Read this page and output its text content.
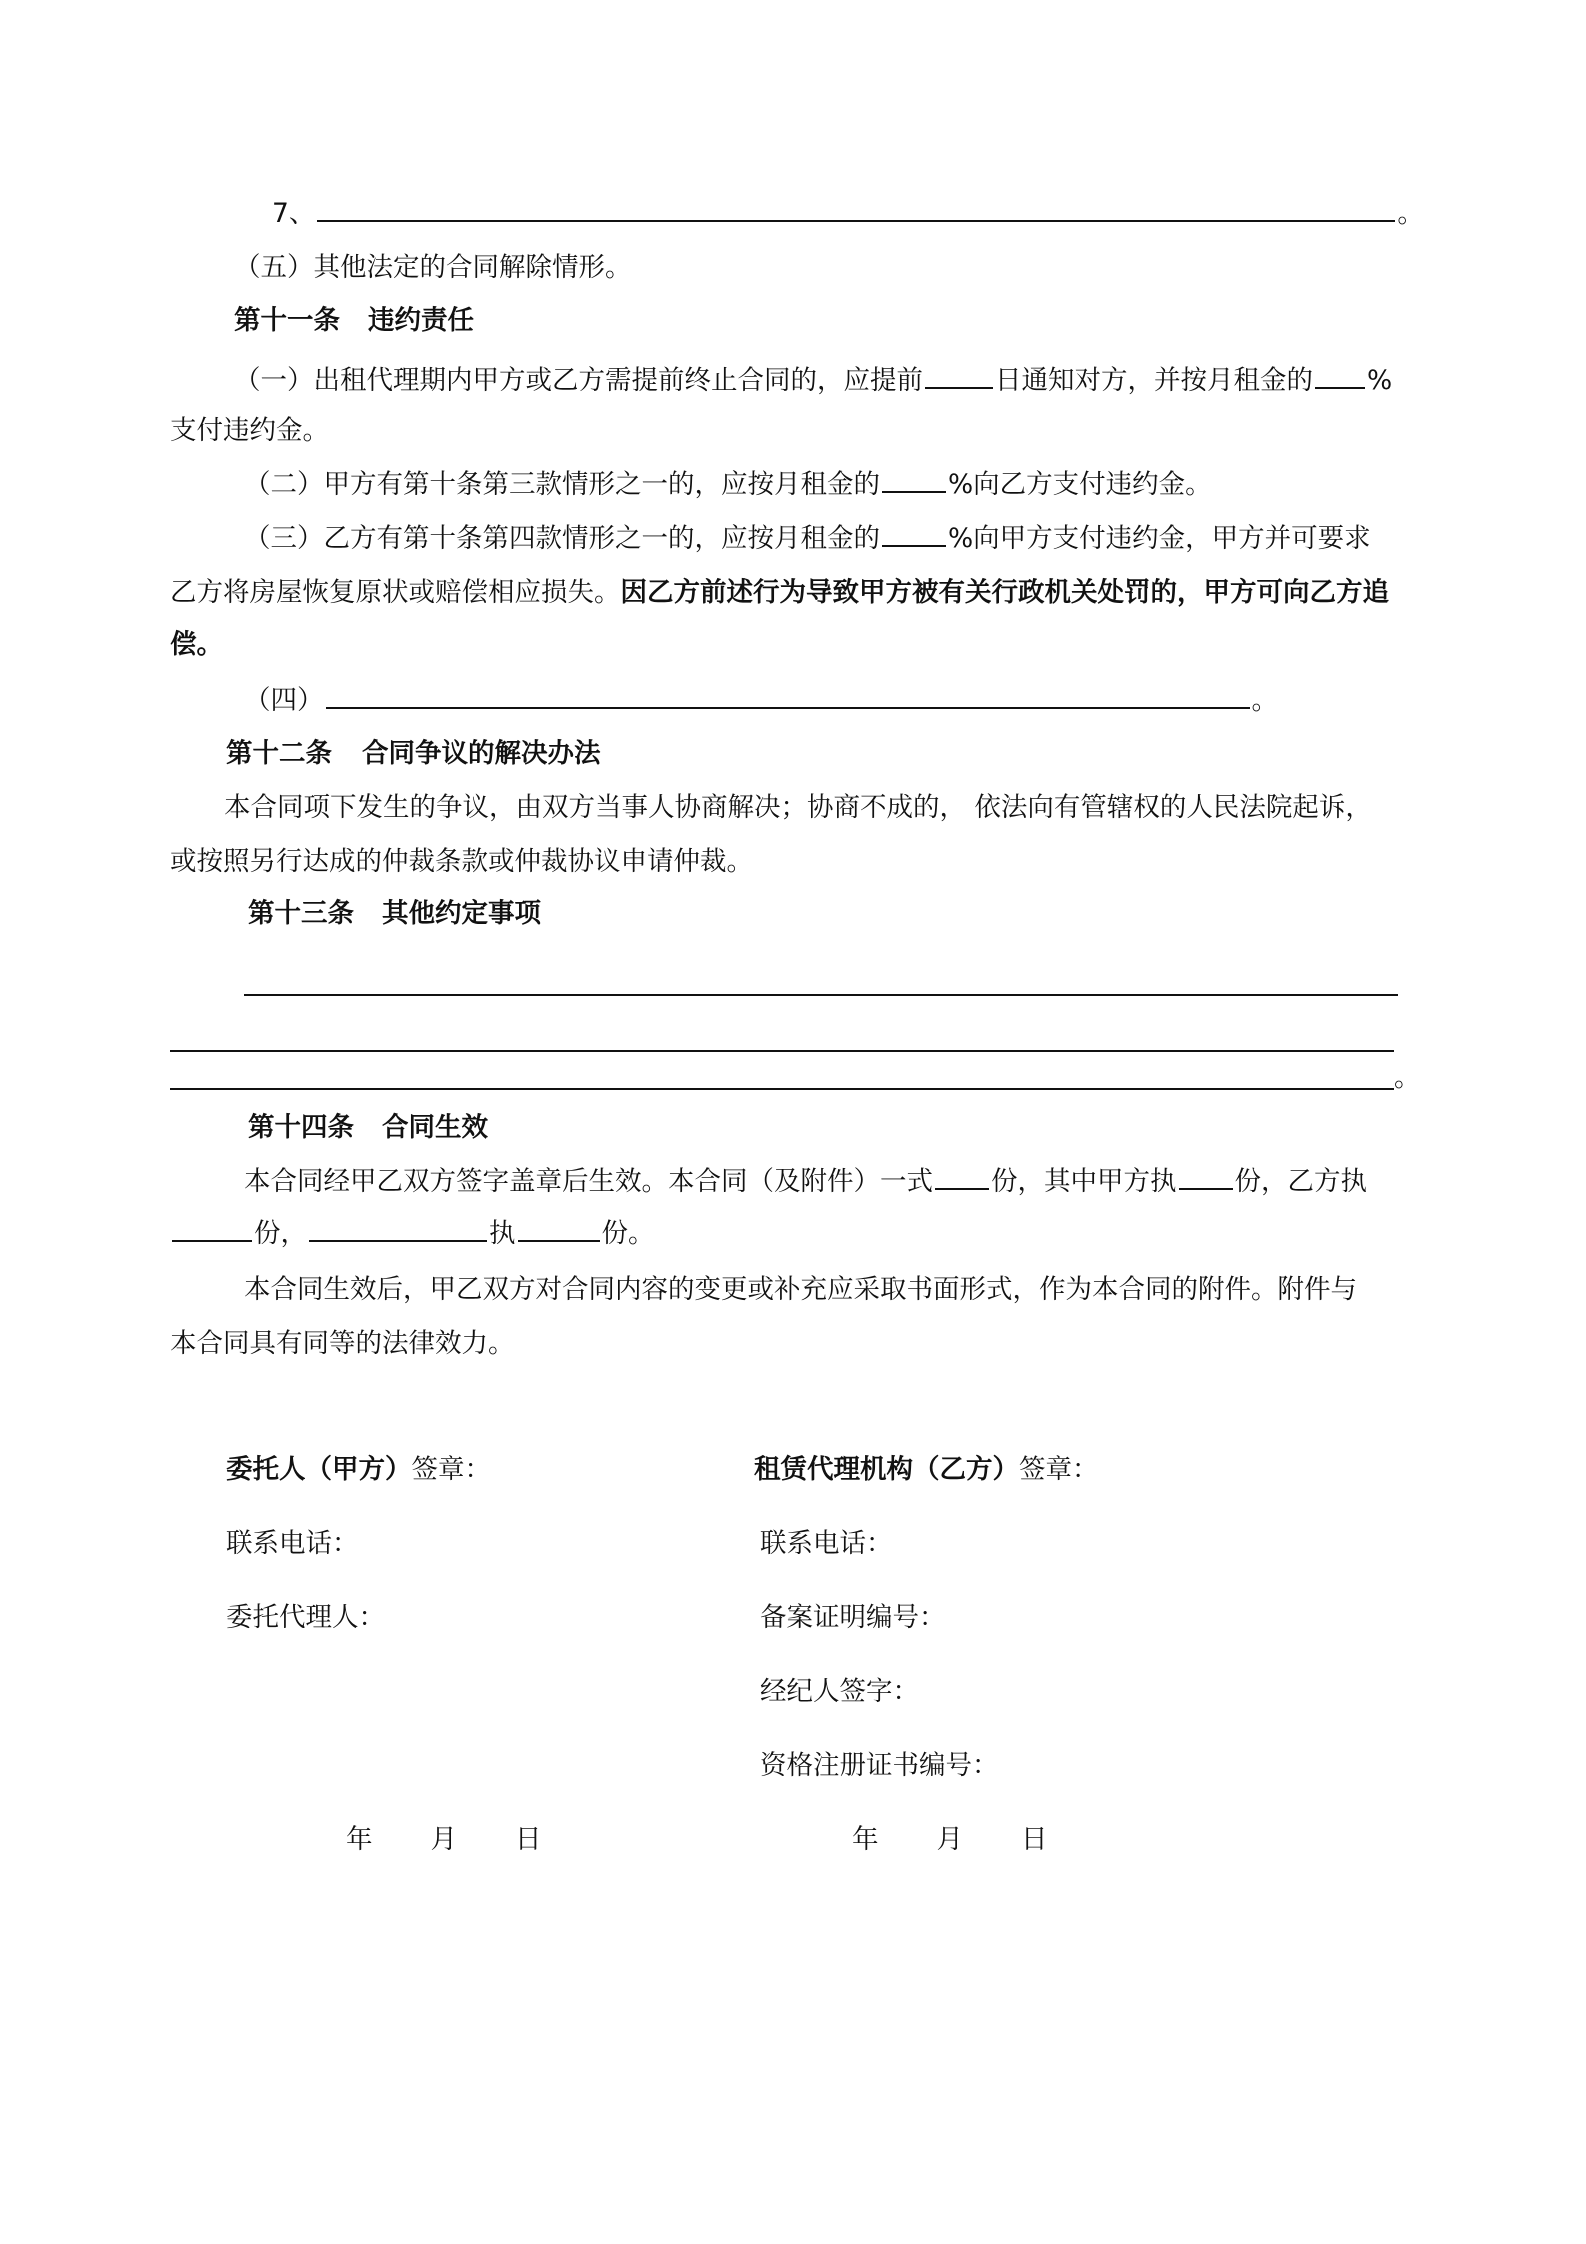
7、	。

（五）其他法定的合同解除情形。

第十一条 违约责任

（一）出租代理期内甲方或乙方需提前终止合同的，应提前	日通知对方，并按月租金的 %

支付违约金。

（二）甲方有第十条第三款情形之一的，应按月租金的	%向乙方支付违约金。

（三）乙方有第十条第四款情形之一的，应按月租金的	%向甲方支付违约金，甲方并可要求

乙方将房屋恢复原状或赔偿相应损失。因乙方前述行为导致甲方被有关行政机关处罚的，甲方可向乙方追

偿。

（四）	。

第十二条 合同争议的解决办法

本合同项下发生的争议，由双方当事人协商解决；协商不成的， 依法向有管辖权的人民法院起诉，

或按照另行达成的仲裁条款或仲裁协议申请仲裁。

第十三条 其他约定事项

。

第十四条 合同生效

本合同经甲乙双方签字盖章后生效。本合同（及附件）一式 份，其中甲方执 份，乙方执

份，	执	份。

本合同生效后，甲乙双方对合同内容的变更或补充应采取书面形式，作为本合同的附件。附件与

本合同具有同等的法律效力。

委托人（甲方）签章：

联系电话：

委托代理人：

年 月 日

租赁代理机构（乙方）签章：

联系电话：

备案证明编号：

经纪人签字：

资格注册证书编号：

年 月 日
